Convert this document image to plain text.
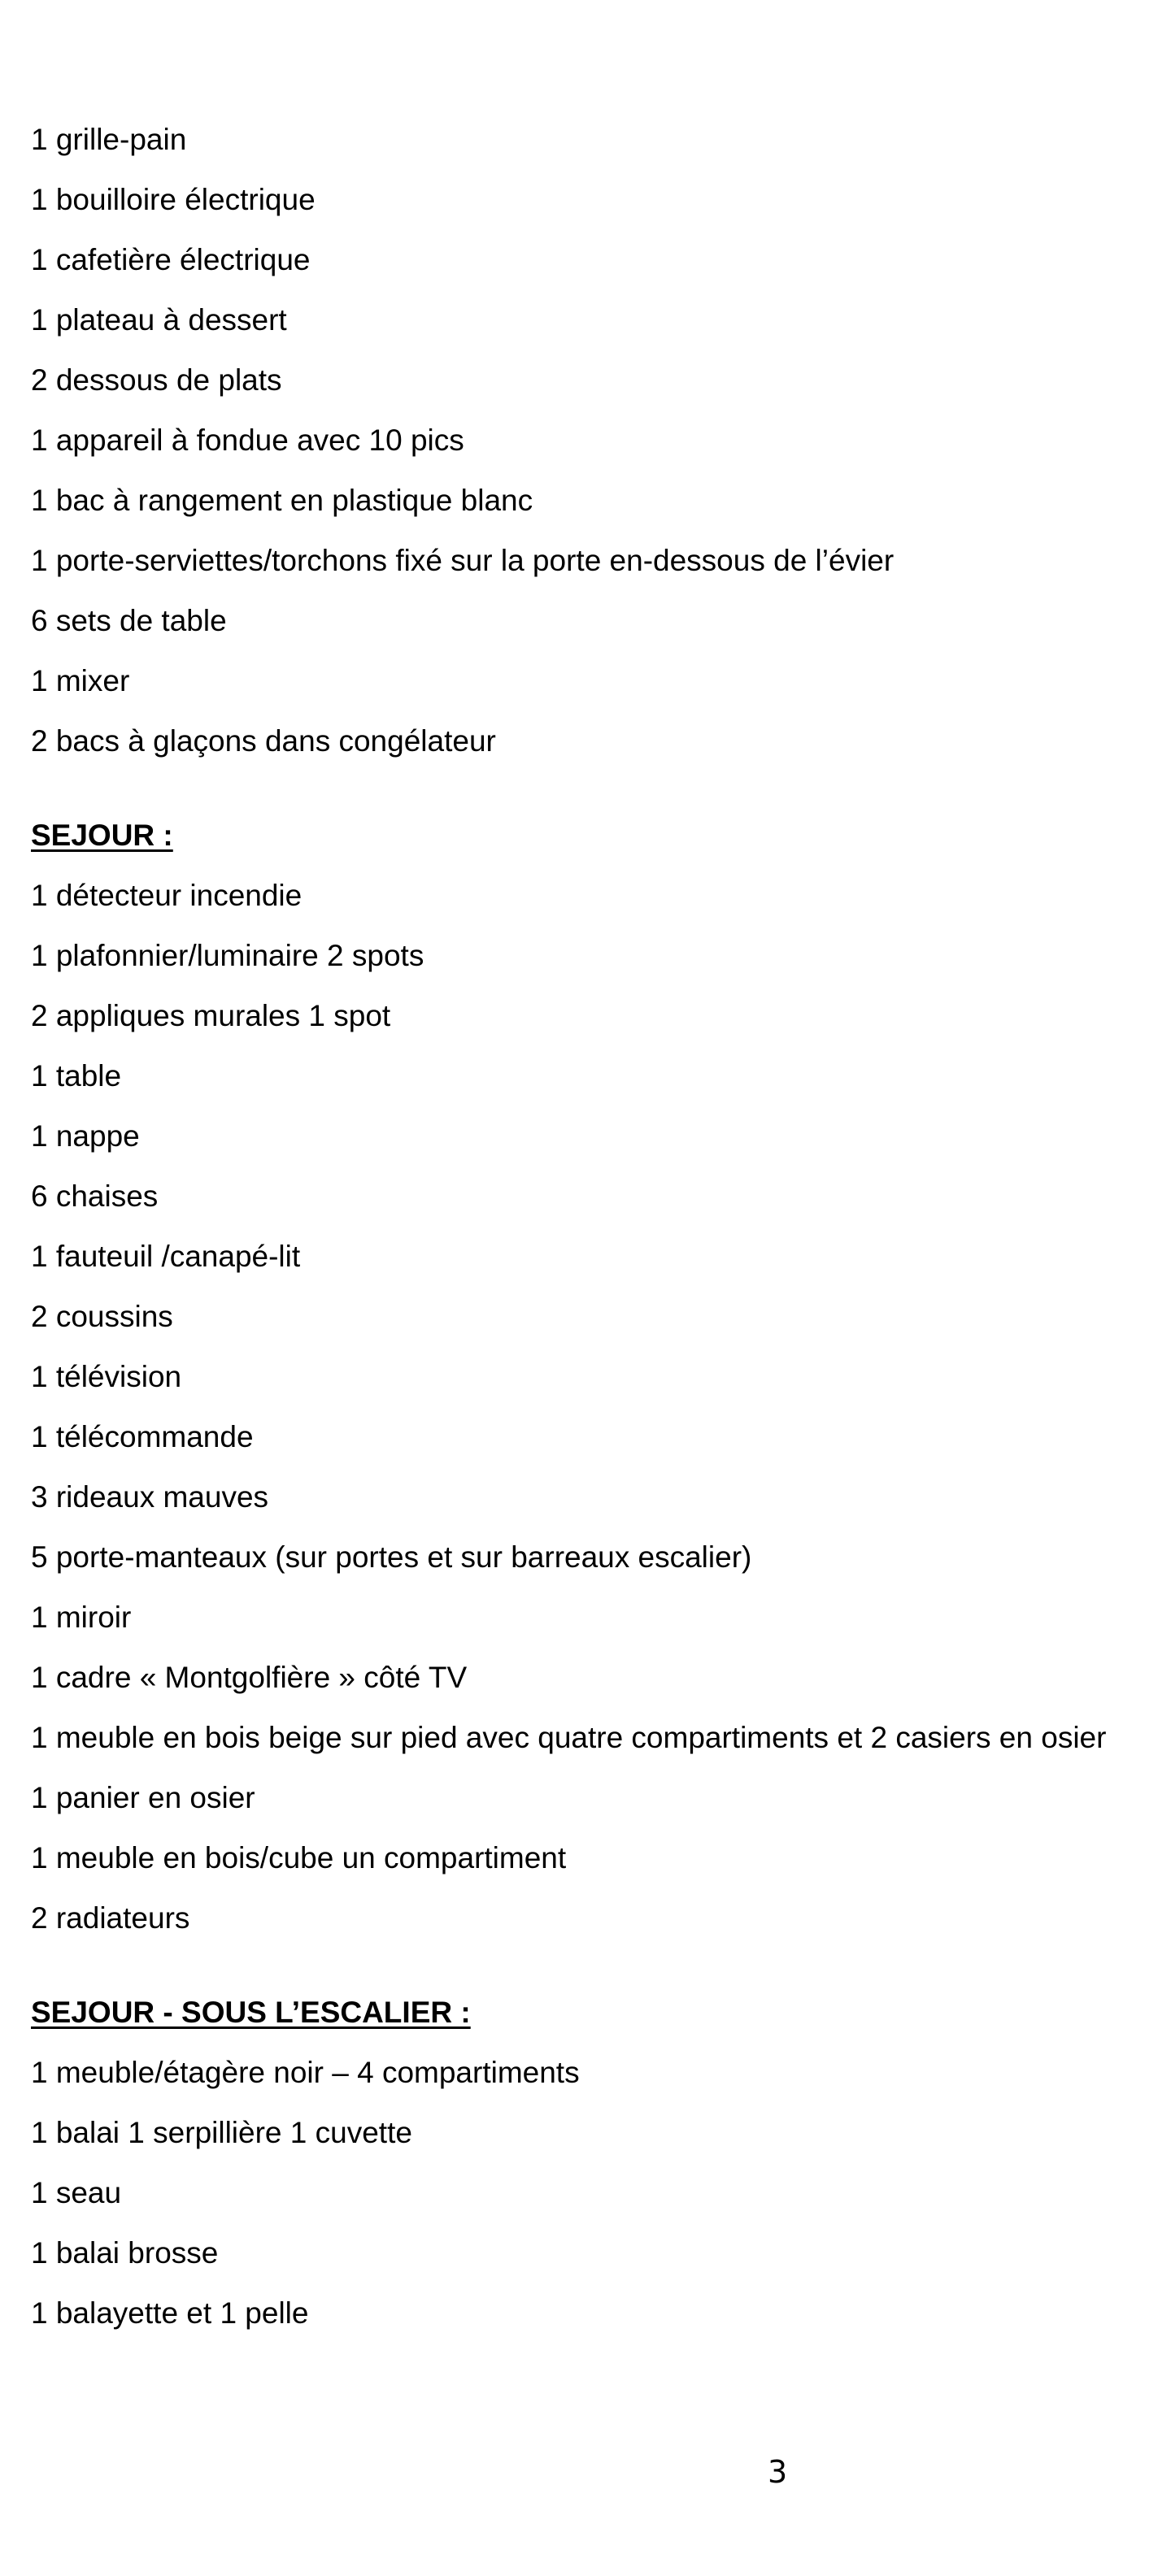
1 grille-pain
1 bouilloire électrique
1 cafetière électrique
1 plateau à dessert
2 dessous de plats
1 appareil à fondue avec 10 pics
1 bac à rangement en plastique blanc
1 porte-serviettes/torchons fixé sur la porte en-dessous de l’évier
6 sets de table
1 mixer
2 bacs à glaçons dans congélateur
SEJOUR :
1 détecteur incendie
1 plafonnier/luminaire 2 spots
2 appliques murales 1 spot
1 table
1 nappe
6 chaises
1 fauteuil /canapé-lit
2 coussins
1 télévision
1 télécommande
3 rideaux mauves
5 porte-manteaux (sur portes et sur barreaux escalier)
1 miroir
1 cadre « Montgolfière » côté TV
1 meuble en bois beige sur pied avec quatre compartiments et 2 casiers en osier
1 panier en osier
1 meuble en bois/cube un compartiment
2 radiateurs
SEJOUR - SOUS L’ESCALIER :
1 meuble/étagère noir – 4 compartiments
1 balai 1 serpillière 1 cuvette
1 seau
1 balai brosse
1 balayette et 1 pelle
3
